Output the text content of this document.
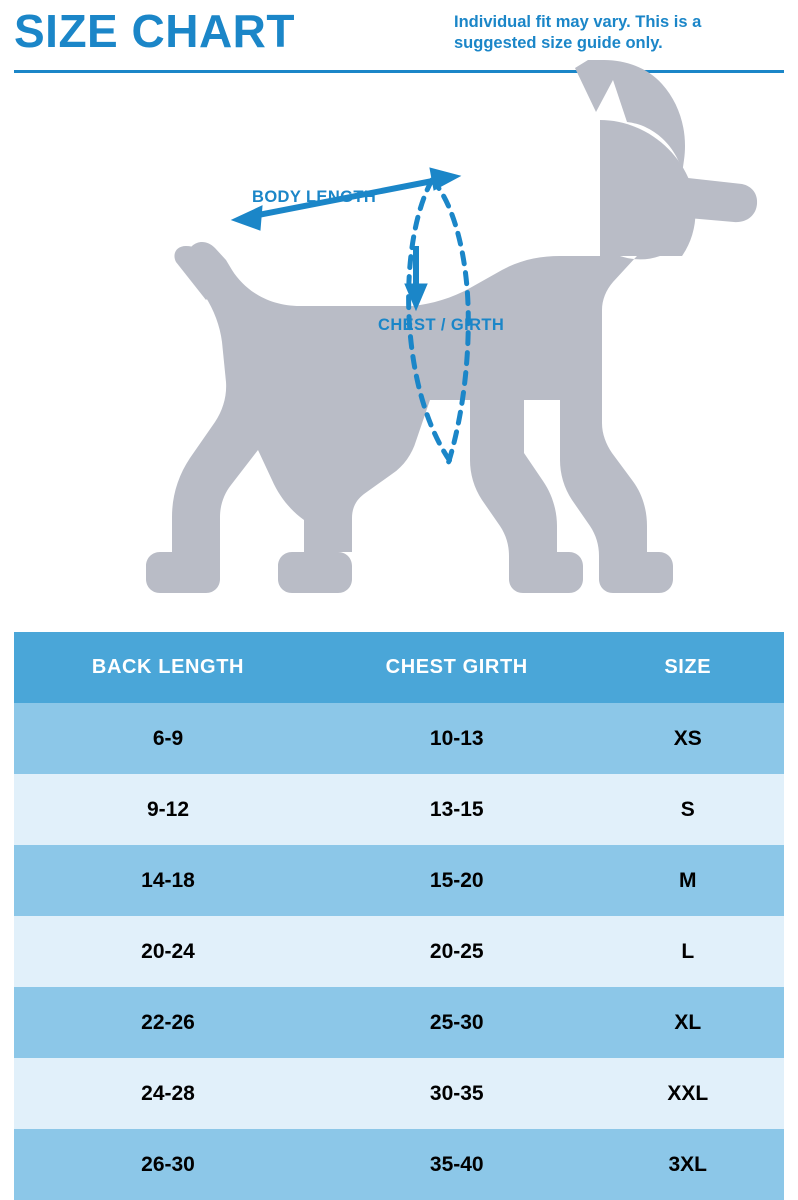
SIZE CHART	Individual fit may vary. This is a suggested size guide only.
BODY LENGTH
CHEST / GIRTH
BACK LENGTH	CHEST GIRTH	SIZE
6-9	10-13	XS
9-12	13-15	S
14-18	15-20	M
20-24	20-25	L
22-26	25-30	XL
24-28	30-35	XXL
26-30	35-40	3XL
